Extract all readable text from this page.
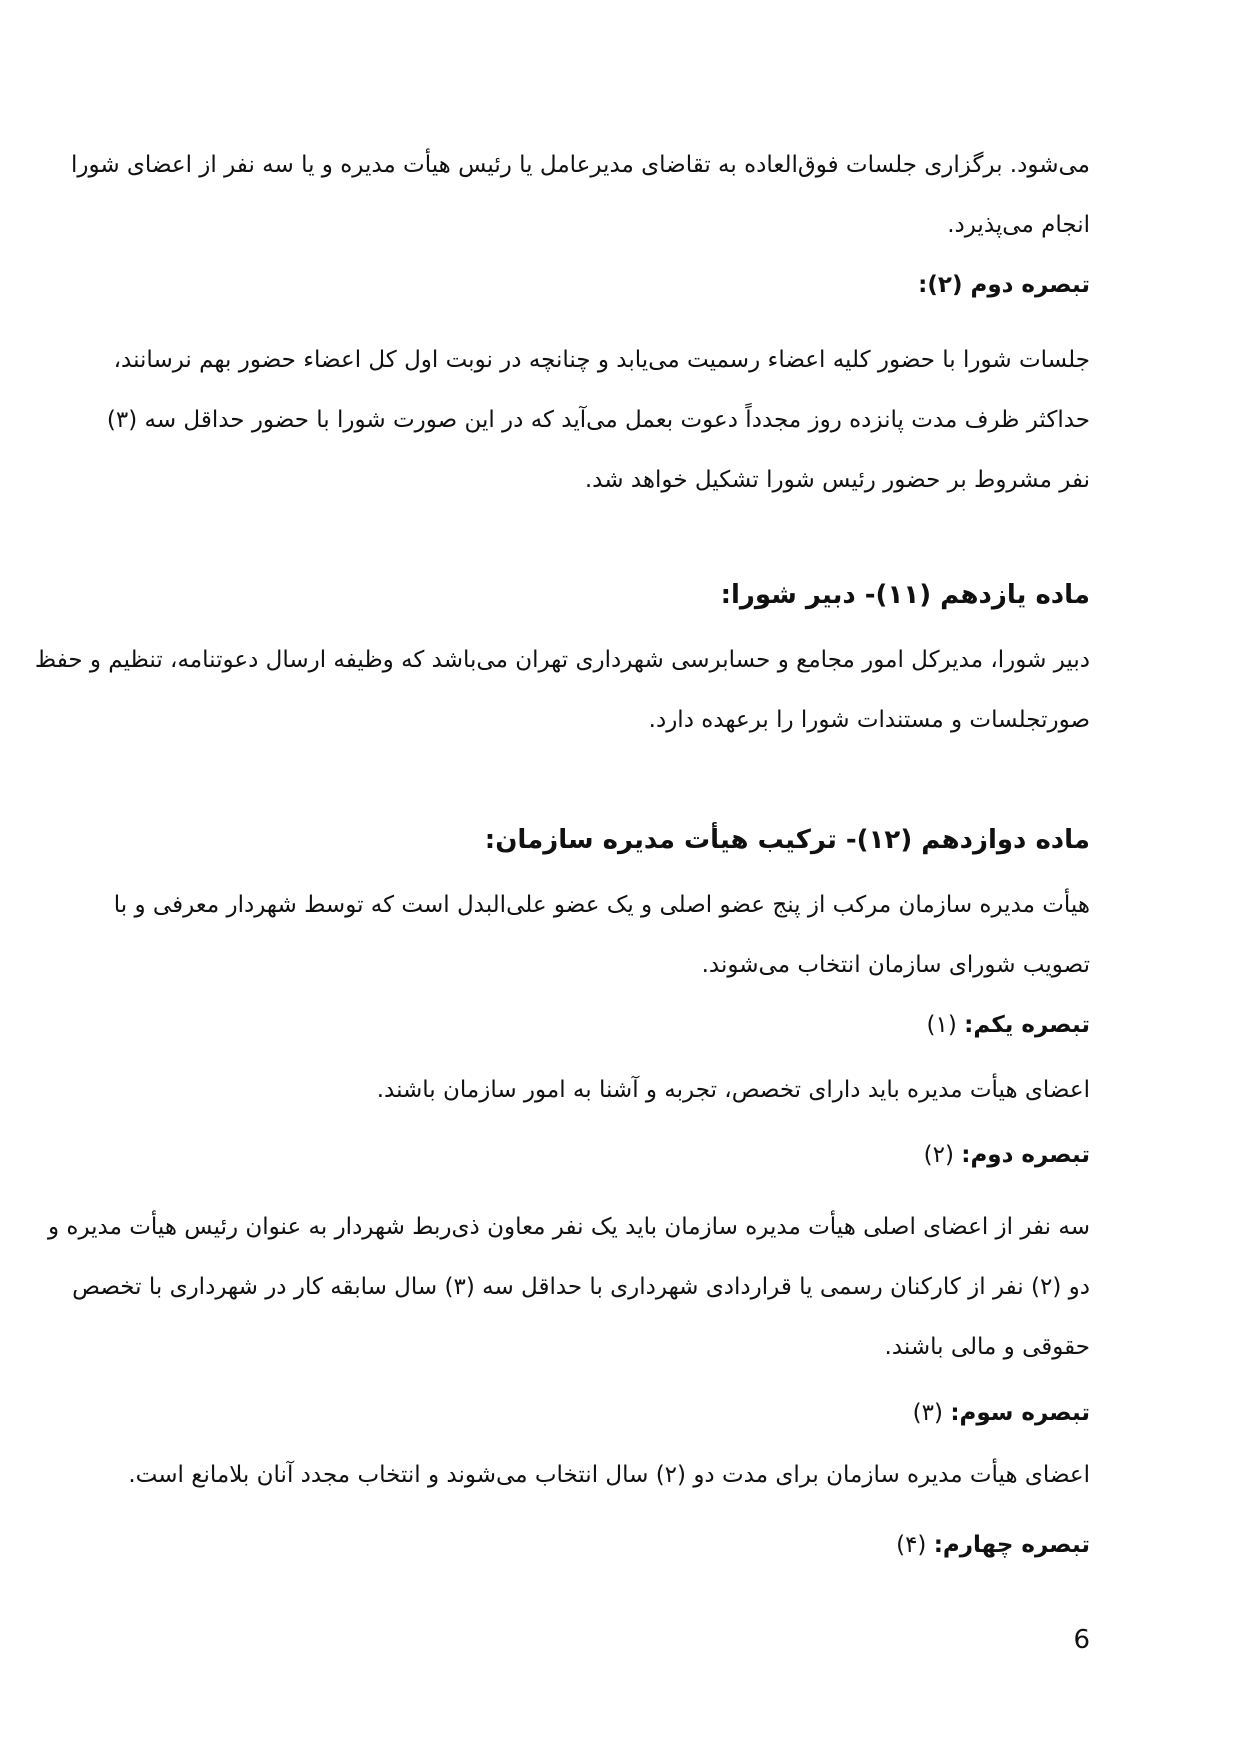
می‌شود. برگزاری جلسات فوق‌العاده به تقاضای مدیرعامل یا رئیس هیأت مدیره و یا سه نفر از اعضای شورا
انجام می‌پذیرد.
تبصره دوم (۲):
جلسات شورا با حضور کلیه اعضاء رسمیت می‌یابد و چنانچه در نوبت اول کل اعضاء حضور بهم نرسانند،
حداکثر ظرف مدت پانزده روز مجدداً دعوت بعمل می‌آید که در این صورت شورا با حضور حداقل سه (۳)
نفر مشروط بر حضور رئیس شورا تشکیل خواهد شد.
ماده یازدهم (۱۱)- دبیر شورا:
دبیر شورا، مدیرکل امور مجامع و حسابرسی شهرداری تهران می‌باشد که وظیفه ارسال دعوتنامه، تنظیم و حفظ
صورتجلسات و مستندات شورا را برعهده دارد.
ماده دوازدهم (۱۲)- ترکیب هیأت مدیره سازمان:
هیأت مدیره سازمان مرکب از پنج عضو اصلی و یک عضو علی‌البدل است که توسط شهردار معرفی و با
تصویب شورای سازمان انتخاب می‌شوند.
تبصره یکم: (۱)
اعضای هیأت مدیره باید دارای تخصص، تجربه و آشنا به امور سازمان باشند.
تبصره دوم: (۲)
سه نفر از اعضای اصلی هیأت مدیره سازمان باید یک نفر معاون ذی‌ربط شهردار به عنوان رئیس هیأت مدیره و
دو (۲) نفر از کارکنان رسمی یا قراردادی شهرداری با حداقل سه (۳) سال سابقه کار در شهرداری با تخصص
حقوقی و مالی باشند.
تبصره سوم: (۳)
اعضای هیأت مدیره سازمان برای مدت دو (۲) سال انتخاب می‌شوند و انتخاب مجدد آنان بلامانع است.
تبصره چهارم: (۴)
6
